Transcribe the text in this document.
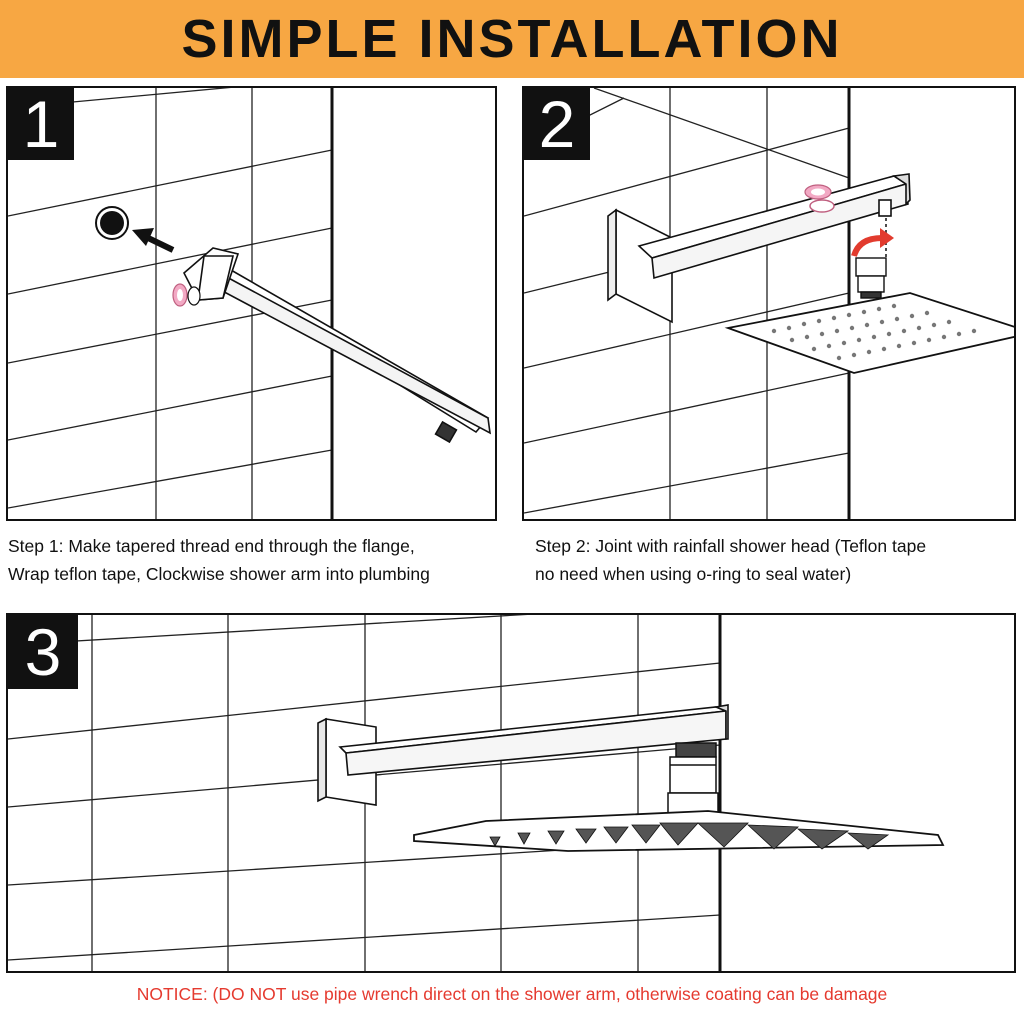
SIMPLE INSTALLATION
1	2

Step 1: Make tapered thread end through the flange,
Wrap teflon tape, Clockwise shower arm into plumbing

Step 2: Joint with rainfall shower head (Teflon tape
no need when using o-ring to seal water)

3
NOTICE: (DO NOT use pipe wrench direct on the shower arm, otherwise coating can be damage
